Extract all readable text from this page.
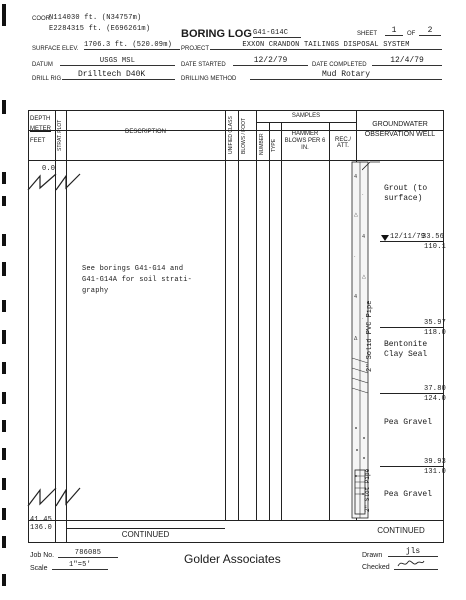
COOR.
N114030 ft. (N34757m)
E2284315 ft. (E696261m)	BORING LOG G41-G14C	SHEET	1	OF	2
SURFACE ELEV. 1706.3 ft. (520.09m)	PROJECT	EXXON CRANDON TAILINGS DISPOSAL SYSTEM
DATUM	USGS MSL	DATE STARTED	12/2/79	DATE COMPLETED	12/4/79
DRILL RIG	Drilltech D40K	DRILLING METHOD	Mud Rotary
DEPTH
METER
FEET STRAT. PLOT	DESCRIPTION	UNIFIED CLASS BLOWS / FOOT
SAMPLES
NUMBER TYPE
HAMMER BLOWS PER 6 IN.
REC./ ATT.
GROUNDWATER OBSERVATION WELL
0.0
See borings G41-G14 and G41-G14A for soil strati- graphy
41.45
136.0
CONTINUED	CONTINUED
4
·
△
4
·
△
4
·
Δ
Grout (to surface)
12/11/79
33.56
110.1
2" Solid PVC Pipe	35.97
118.0
Bentonite Clay Seal
37.80
124.0
Pea Gravel
39.93
131.0
2" Slot Pipe Pea Gravel
Job No.	786085
Scale	1"=5'	Golder Associates	Drawn	jls
Checked
